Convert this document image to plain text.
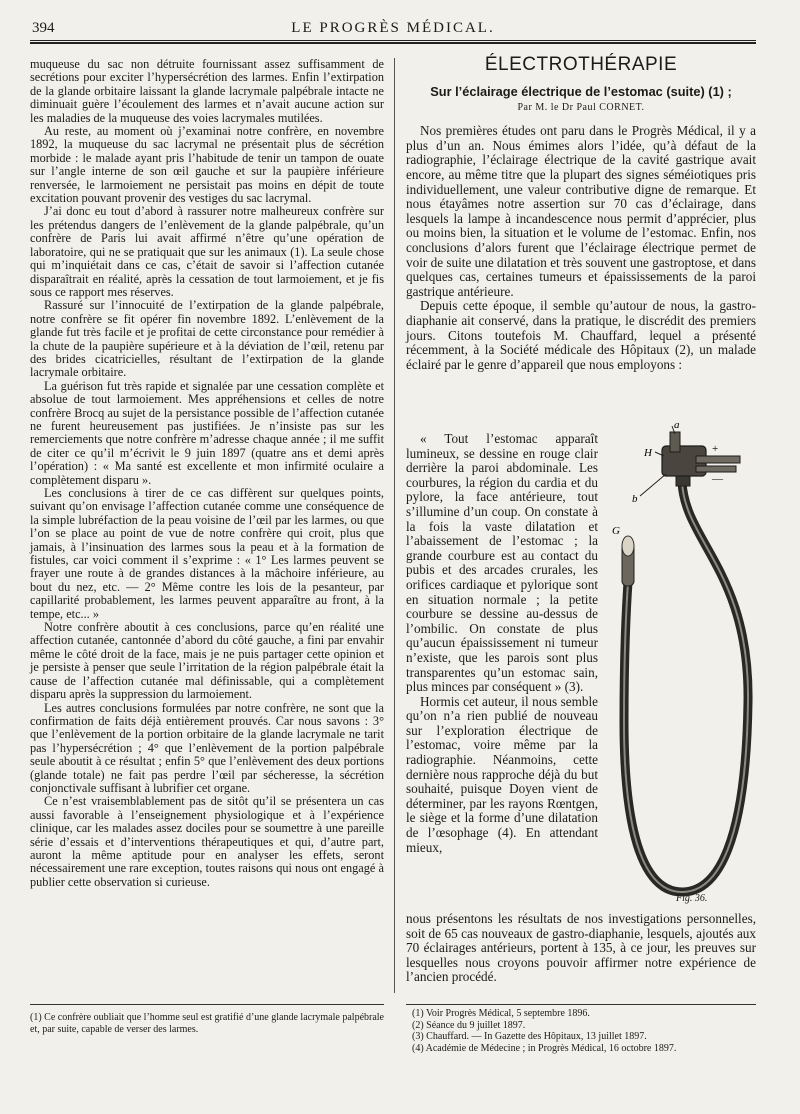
394	LE PROGRÈS MÉDICAL.

muqueuse du sac non détruite fournissant assez suffisamment de secrétions pour exciter l’hypersécrétion des larmes. Enfin l’extirpation de la glande orbitaire laissant la glande lacrymale palpébrale intacte ne diminuait guère l’écoulement des larmes et n’avait aucune action sur les maladies de la muqueuse des voies lacrymales mutilées.

Au reste, au moment où j’examinai notre confrère, en novembre 1892, la muqueuse du sac lacrymal ne présentait plus de sécrétion morbide : le malade ayant pris l’habitude de tenir un tampon de ouate sur l’angle interne de son œil gauche et sur la paupière inférieure renversée, le larmoiement ne persistait pas moins en dépit de toute excitation pouvant provenir des vestiges du sac lacrymal.

J’ai donc eu tout d’abord à rassurer notre malheureux confrère sur les prétendus dangers de l’enlèvement de la glande palpébrale, qu’un confrère de Paris lui avait affirmé n’être qu’une opération de laboratoire, qui ne se pratiquait que sur les animaux (1). La seule chose qui m’inquiétait dans ce cas, c’était de savoir si l’affection cutanée disparaîtrait en réalité, après la cessation de tout larmoiement, et je fis sous ce rapport mes réserves.

Rassuré sur l’innocuité de l’extirpation de la glande palpébrale, notre confrère se fit opérer fin novembre 1892. L’enlèvement de la glande fut très facile et je profitai de cette circonstance pour remédier à la chute de la paupière supérieure et à la déviation de l’œil, retenu par des brides cicatricielles, résultant de l’extirpation de la glande lacrymale orbitaire.

La guérison fut très rapide et signalée par une cessation complète et absolue de tout larmoiement. Mes appréhensions et celles de notre confrère Brocq au sujet de la persistance possible de l’affection cutanée ne furent heureusement pas justifiées. Je n’insiste pas sur les remerciements que notre confrère m’adresse chaque année ; il me suffit de citer ce qu’il m’écrivit le 9 juin 1897 (quatre ans et demi après l’opération) : « Ma santé est excellente et mon infirmité oculaire a complètement disparu ».

Les conclusions à tirer de ce cas diffèrent sur quelques points, suivant qu’on envisage l’affection cutanée comme une conséquence de la simple lubréfaction de la peau voisine de l’œil par les larmes, ou que l’on se place au point de vue de notre confrère qui croit, plus que jamais, à l’insinuation des larmes sous la peau et à la formation de fistules, car voici comment il s’exprime : « 1° Les larmes peuvent se frayer une route à de grandes distances à la mâchoire inférieure, au bout du nez, etc. — 2° Même contre les lois de la pesanteur, par capillarité probablement, les larmes peuvent apparaître au front, à la tempe, etc... »

Notre confrère aboutit à ces conclusions, parce qu’en réalité une affection cutanée, cantonnée d’abord du côté gauche, a fini par envahir même le côté droit de la face, mais je ne puis partager cette opinion et je persiste à penser que seule l’irritation de la région palpébrale était la cause de l’affection cutanée mal définissable, qui a complètement disparu après la suppression du larmoiement.

Les autres conclusions formulées par notre confrère, ne sont que la confirmation de faits déjà entièrement prouvés. Car nous savons : 3° que l’enlèvement de la portion orbitaire de la glande lacrymale ne tarit pas l’hypersécrétion ; 4° que l’enlèvement de la portion palpébrale seule aboutit à ce résultat ; enfin 5° que l’enlèvement des deux portions (glande totale) ne fait pas perdre l’œil par sécheresse, la sécrétion conjonctivale suffisant à lubrifier cet organe.

Ce n’est vraisemblablement pas de sitôt qu’il se présentera un cas aussi favorable à l’enseignement physiologique et à l’expérience clinique, car les malades assez dociles pour se soumettre à une pareille série d’essais et d’interventions thérapeutiques et qui, d’autre part, auront la même aptitude pour en analyser les effets, seront nécessairement une rare exception, toutes raisons qui nous ont engagé à publier cette observation si curieuse.

ÉLECTROTHÉRAPIE
Sur l’éclairage électrique de l’estomac (suite) (1) ;
Par M. le Dr Paul CORNET.

Nos premières études ont paru dans le Progrès Médical, il y a plus d’un an. Nous émimes alors l’idée, qu’à défaut de la radiographie, l’éclairage électrique de la cavité gastrique avait encore, au même titre que la plupart des signes séméiotiques pris individuellement, une valeur contributive digne de remarque. Et nous étayâmes notre assertion sur 70 cas d’éclairage, dans lesquels la lampe à incandescence nous permit d’apprécier, plus ou moins bien, la situation et le volume de l’estomac. Enfin, nos conclusions d’alors furent que l’éclairage électrique permet de voir de suite une dilatation et très souvent une gastroptose, et dans quelques cas, certaines tumeurs et épaississements de la paroi gastrique antérieure.

Depuis cette époque, il semble qu’autour de nous, la gastro-diaphanie ait conservé, dans la pratique, le discrédit des premiers jours. Citons toutefois M. Chauffard, lequel a présenté récemment, à la Société médicale des Hôpitaux (2), un malade éclairé par le genre d’appareil que nous employons :

« Tout l’estomac apparaît lumineux, se dessine en rouge clair derrière la paroi abdominale. Les courbures, la région du cardia et du pylore, la face antérieure, tout s’illumine d’un coup. On constate à la fois la vaste dilatation et l’abaissement de l’estomac ; la grande courbure est au contact du pubis et des arcades crurales, les orifices cardiaque et pylorique sont en situation normale ; la petite courbure se dessine au-dessus de l’ombilic. On constate de plus qu’aucun épaississement ni tumeur n’existe, que les parois sont plus transparentes qu’un estomac sain, plus minces par conséquent » (3).

Hormis cet auteur, il nous semble qu’on n’a rien publié de nouveau sur l’exploration électrique de l’estomac, voire même par la radiographie. Néanmoins, cette dernière nous rapproche déjà du but souhaité, puisque Doyen vient de déterminer, par les rayons Rœntgen, le siège et la forme d’une dilatation de l’œsophage (4). En attendant mieux,

a
H	+
—
b
G
Fig. 36.

nous présentons les résultats de nos investigations personnelles, soit de 65 cas nouveaux de gastro-diaphanie, lesquels, ajoutés aux 70 éclairages antérieurs, portent à 135, à ce jour, les preuves sur lesquelles nous croyons pouvoir affirmer notre expérience de l’ancien procédé.

(1) Ce confrère oubliait que l’homme seul est gratifié d’une glande lacrymale palpébrale et, par suite, capable de verser des larmes.
(1) Voir Progrès Médical, 5 septembre 1896.
(2) Séance du 9 juillet 1897.
(3) Chauffard. — In Gazette des Hôpitaux, 13 juillet 1897.
(4) Académie de Médecine ; in Progrès Médical, 16 octobre 1897.
